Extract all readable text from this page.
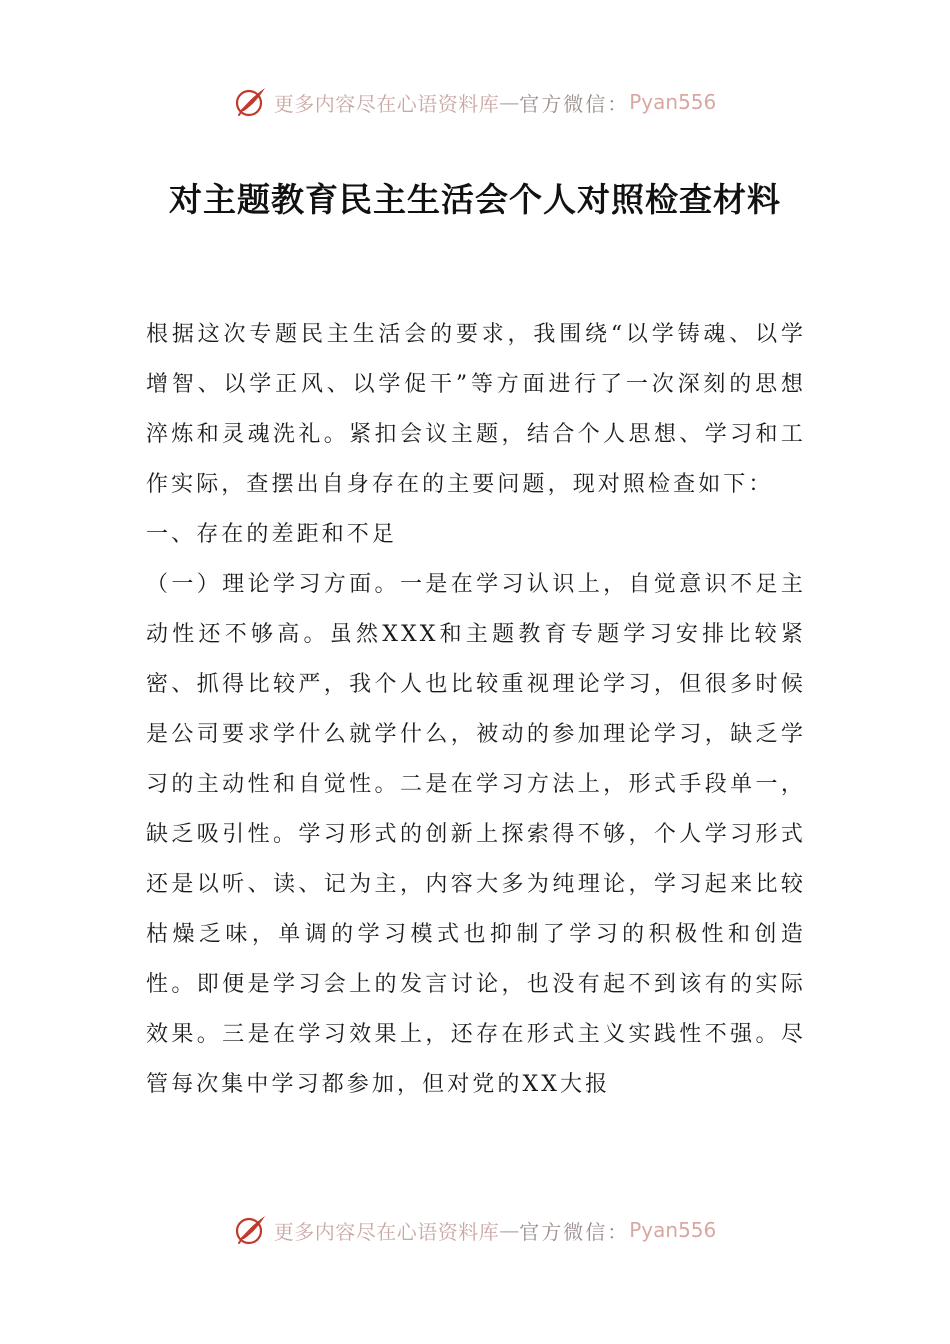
更多内容尽在心语资料库 — 官方微信： Pyan556
对主题教育民主生活会个人对照检查材料

根据这次专题民主生活会的要求，我围绕“以学铸魂、以学增智、以学正风、以学促干”等方面进行了一次深刻的思想淬炼和灵魂洗礼。紧扣会议主题，结合个人思想、学习和工作实际，查摆出自身存在的主要问题，现对照检查如下：

一、存在的差距和不足

（一）理论学习方面。一是在学习认识上，自觉意识不足主动性还不够高。虽然XXX和主题教育专题学习安排比较紧密、抓得比较严，我个人也比较重视理论学习，但很多时候是公司要求学什么就学什么，被动的参加理论学习，缺乏学习的主动性和自觉性。二是在学习方法上，形式手段单一，缺乏吸引性。学习形式的创新上探索得不够，个人学习形式还是以听、读、记为主，内容大多为纯理论，学习起来比较枯燥乏味，单调的学习模式也抑制了学习的积极性和创造性。即便是学习会上的发言讨论，也没有起不到该有的实际效果。三是在学习效果上，还存在形式主义实践性不强。尽管每次集中学习都参加，但对党的XX大报

更多内容尽在心语资料库 — 官方微信： Pyan556
